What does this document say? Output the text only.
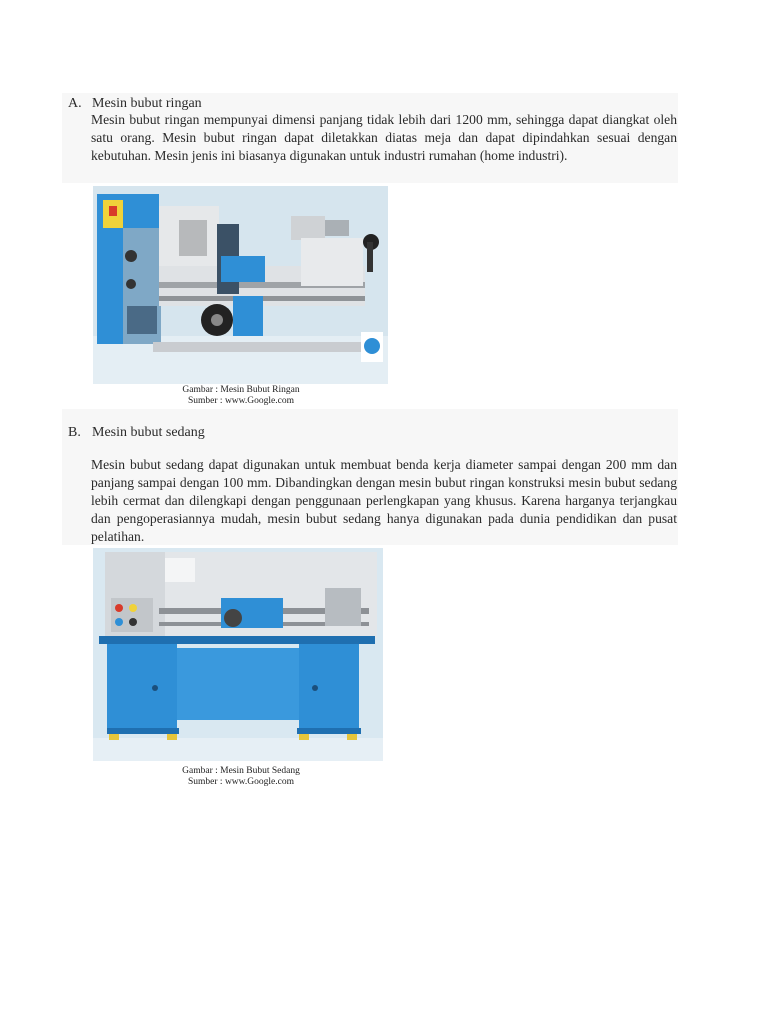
A. Mesin bubut ringan

Mesin bubut ringan mempunyai dimensi panjang tidak lebih dari 1200 mm, sehingga dapat diangkat oleh satu orang. Mesin bubut ringan dapat diletakkan diatas meja dan dapat dipindahkan sesuai dengan kebutuhan. Mesin jenis ini biasanya digunakan untuk industri rumahan (home industri).

Gambar : Mesin Bubut Ringan
Sumber : www.Google.com
B. Mesin bubut sedang

Mesin bubut sedang dapat digunakan untuk membuat benda kerja diameter sampai dengan 200 mm dan panjang sampai dengan 100 mm. Dibandingkan dengan mesin bubut ringan konstruksi mesin bubut sedang lebih cermat dan dilengkapi dengan penggunaan perlengkapan yang khusus. Karena harganya terjangkau dan pengoperasiannya mudah, mesin bubut sedang hanya digunakan pada dunia pendidikan dan pusat pelatihan.

Gambar : Mesin Bubut Sedang
Sumber : www.Google.com
